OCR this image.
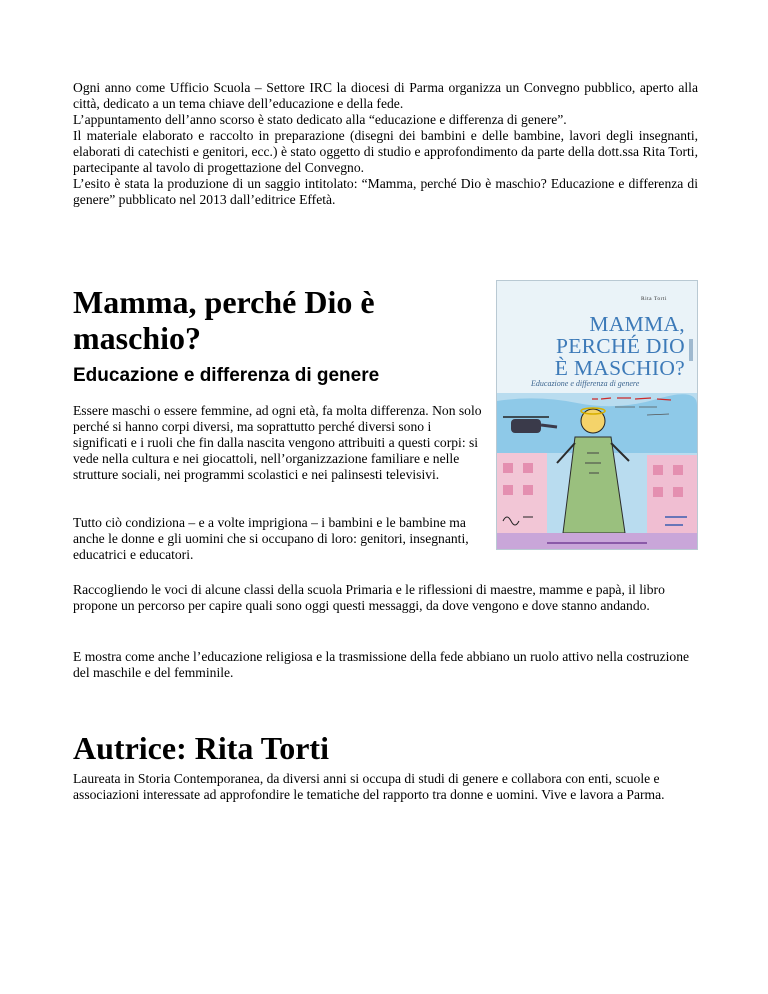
Ogni anno come Ufficio Scuola – Settore IRC la diocesi di Parma organizza un Convegno pubblico, aperto alla città, dedicato a un tema chiave dell’educazione e della fede.

L’appuntamento dell’anno scorso è stato dedicato alla “educazione e differenza di genere”.

Il materiale elaborato e raccolto in preparazione (disegni dei bambini e delle bambine, lavori degli insegnanti, elaborati di catechisti e genitori, ecc.) è stato oggetto di studio e approfondimento da parte della dott.ssa Rita Torti, partecipante al tavolo di progettazione del Convegno.

L’esito è stata la produzione di un saggio intitolato: “Mamma, perché Dio è maschio? Educazione e differenza di genere” pubblicato nel 2013 dall’editrice Effetà.

Mamma, perché Dio è maschio?
Educazione e differenza di genere

Essere maschi o essere femmine, ad ogni età, fa molta differenza. Non solo perché si hanno corpi diversi, ma soprattutto perché diversi sono i significati e i ruoli che fin dalla nascita vengono attribuiti a questi corpi: si vede nella cultura e nei giocattoli, nell’organizzazione familiare e nelle strutture sociali, nei programmi scolastici e nei palinsesti televisivi.

Tutto ciò condiziona – e a volte imprigiona – i bambini e le bambine ma anche le donne e gli uomini che si occupano di loro: genitori, insegnanti, educatrici e educatori.

Raccogliendo le voci di alcune classi della scuola Primaria e le riflessioni di maestre, mamme e papà, il libro propone un percorso per capire quali sono oggi questi messaggi, da dove vengono e dove stanno andando.

E mostra come anche l’educazione religiosa e la trasmissione della fede abbiano un ruolo attivo nella costruzione del maschile e del femminile.

Rita Torti
MAMMA,
PERCHÉ DIO
È MASCHIO?
Educazione e differenza di genere
Autrice: Rita Torti

Laureata in Storia Contemporanea, da diversi anni si occupa di studi di genere e collabora con enti, scuole e associazioni interessate ad approfondire le tematiche del rapporto tra donne e uomini. Vive e lavora a Parma.
